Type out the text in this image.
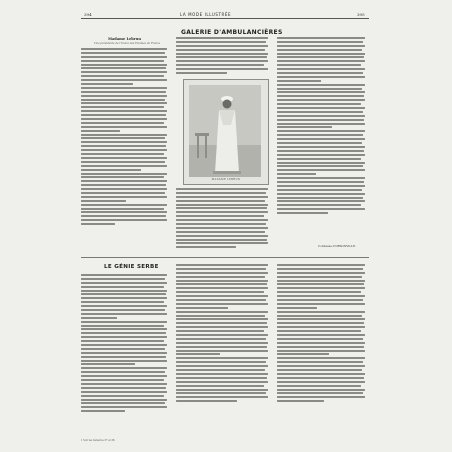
394	LA MODE ILLUSTRÉE	395
GALERIE D'AMBULANCIÈRES
Madame Lebrun
Vice-présidente de l'Union des Femmes de France
MADAME LEBRUN
Comtesse d'ORSONVILLE.
LE GÉNIE SERBE
1 Voir les numéros 37 et 38.
